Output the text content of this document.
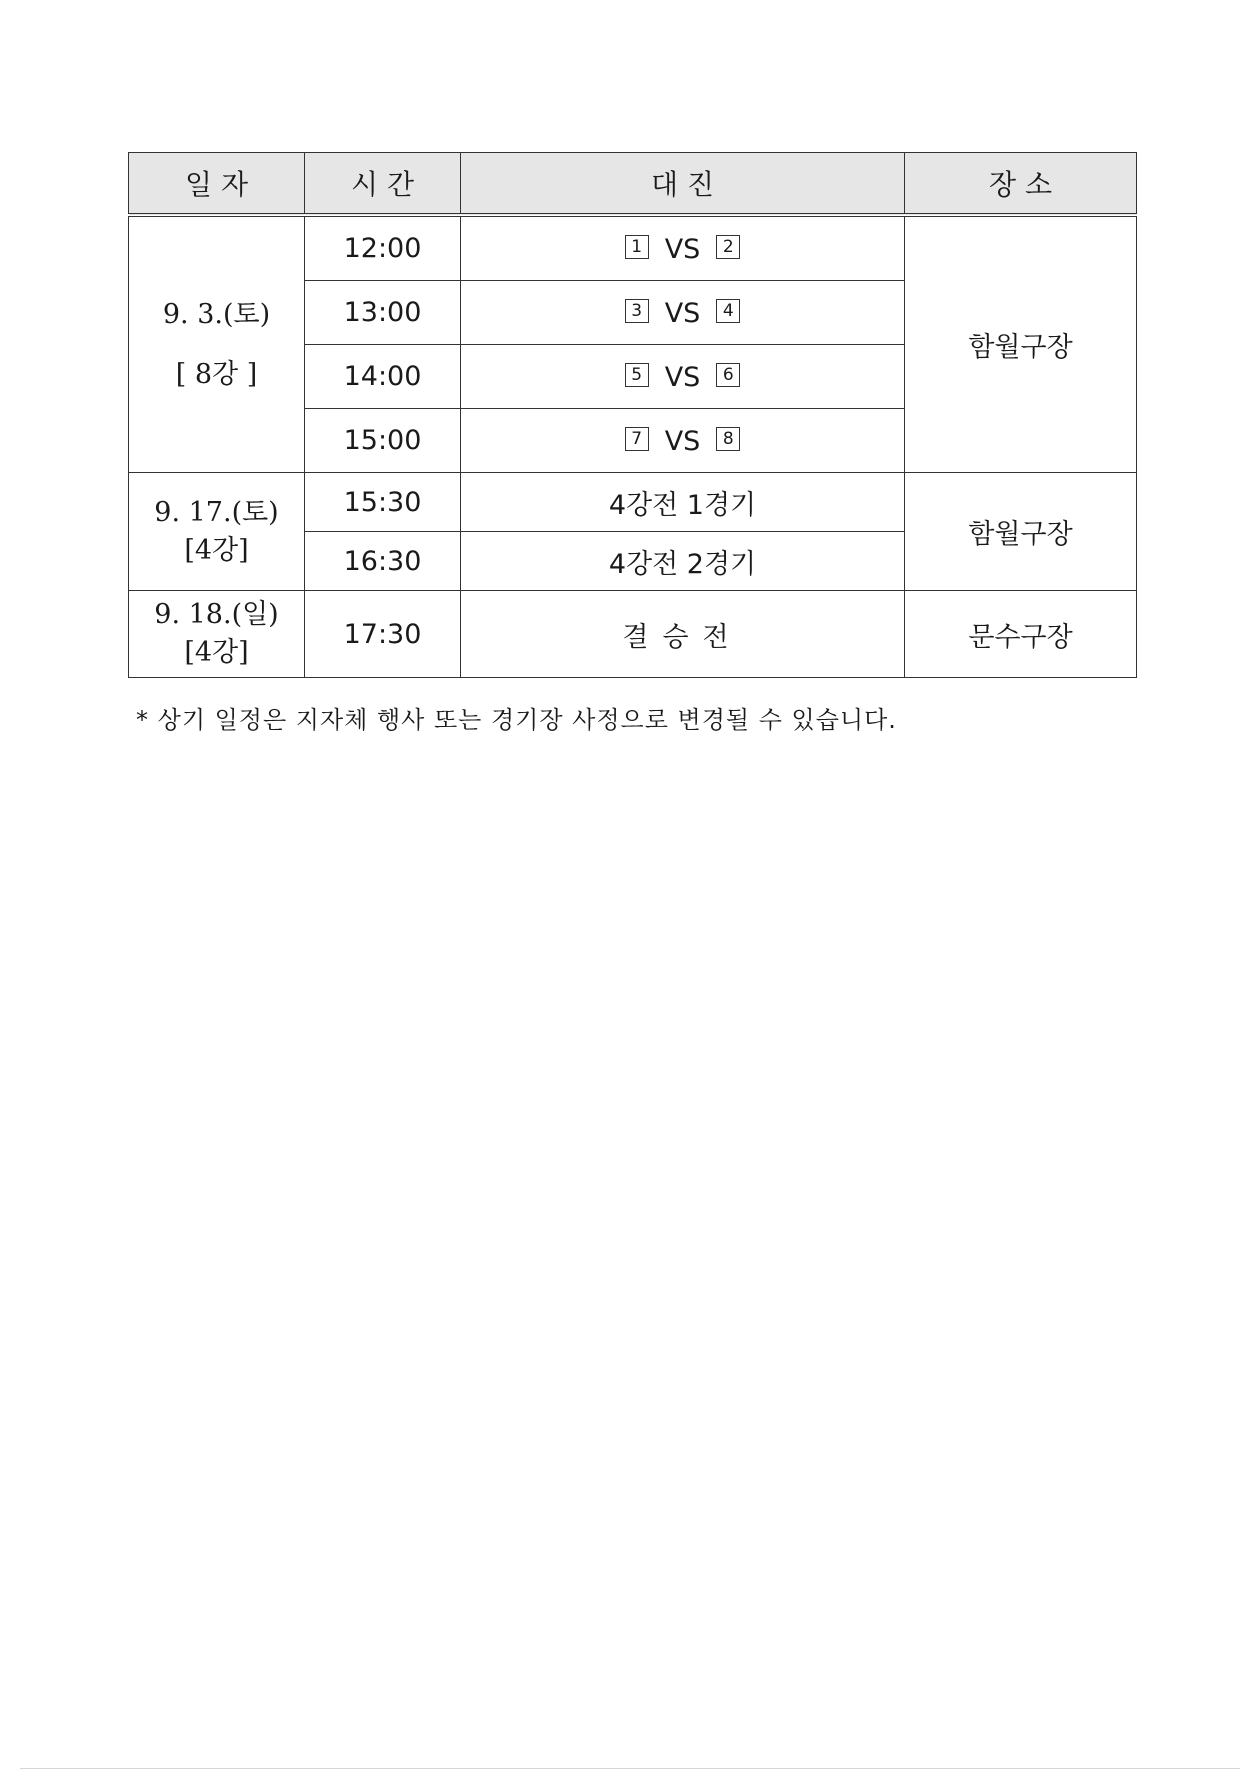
일 자	시 간	대 진	장 소

9. 3.(토)
[ 8강 ]	12:00	1 VS 2	함월구장
	13:00	3 VS 4	
	14:00	5 VS 6	
	15:00	7 VS 8	

9. 17.(토)
[4강]	15:30	4강전 1경기	함월구장
	16:30	4강전 2경기	

9. 18.(일)
[4강]	17:30	결승전	문수구장
* 상기 일정은 지자체 행사 또는 경기장 사정으로 변경될 수 있습니다.
